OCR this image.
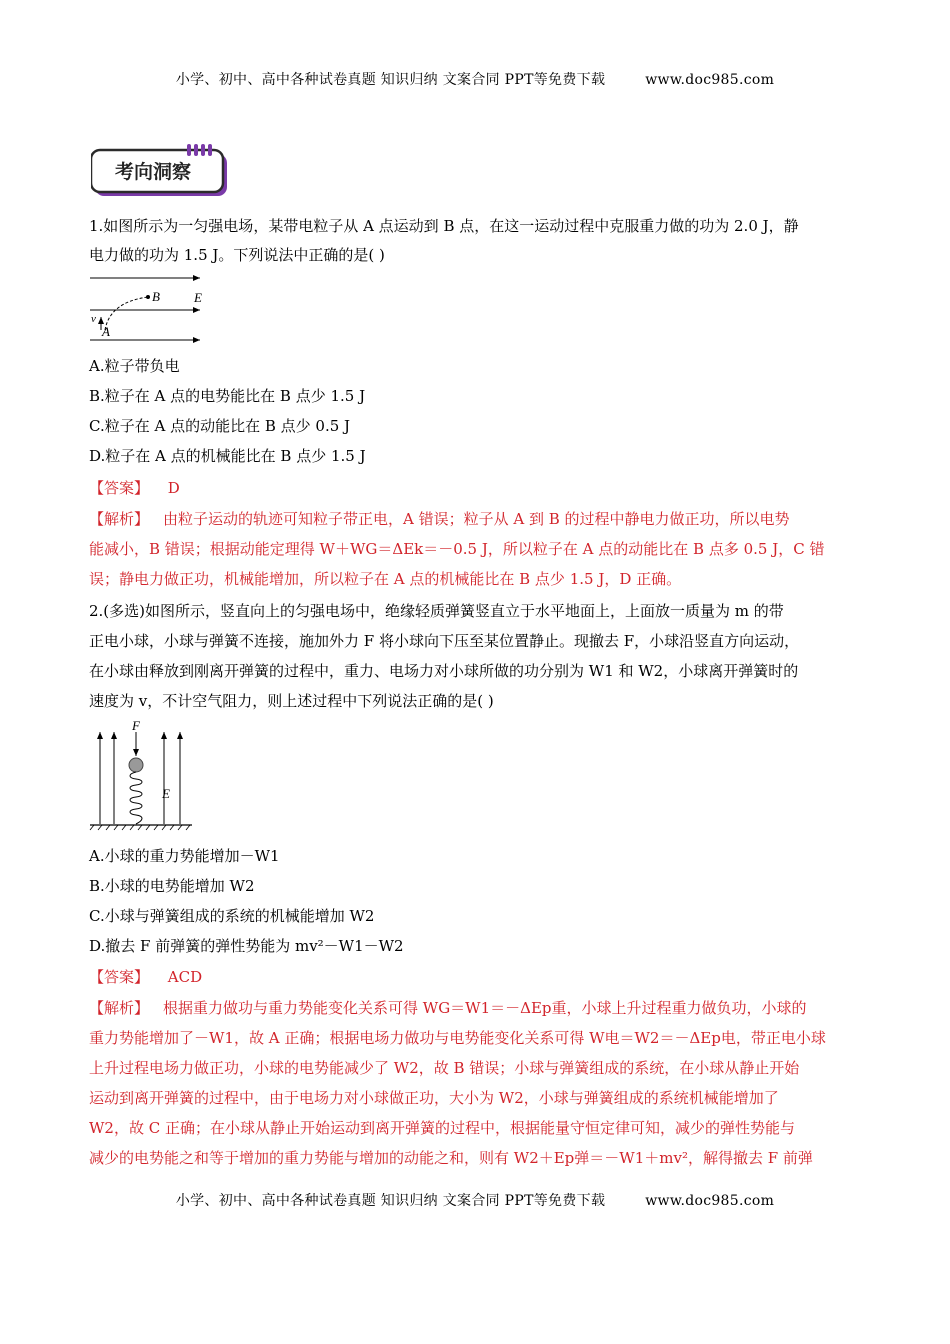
小学、初中、高中各种试卷真题 知识归纳 文案合同 PPT等免费下载	www.doc985.com
考向洞察
1.如图所示为一匀强电场，某带电粒子从 A 点运动到 B 点，在这一运动过程中克服重力做的功为 2.0 J，静
电力做的功为 1.5 J。下列说法中正确的是( )
B	E
v
A
A.粒子带负电
B.粒子在 A 点的电势能比在 B 点少 1.5 J
C.粒子在 A 点的动能比在 B 点少 0.5 J
D.粒子在 A 点的机械能比在 B 点少 1.5 J
【答案】 D
【解析】 由粒子运动的轨迹可知粒子带正电，A 错误；粒子从 A 到 B 的过程中静电力做正功，所以电势
能减小，B 错误；根据动能定理得 W＋WG＝ΔEk＝－0.5 J，所以粒子在 A 点的动能比在 B 点多 0.5 J，C 错
误；静电力做正功，机械能增加，所以粒子在 A 点的机械能比在 B 点少 1.5 J，D 正确。
2.(多选)如图所示，竖直向上的匀强电场中，绝缘轻质弹簧竖直立于水平地面上，上面放一质量为 m 的带
正电小球，小球与弹簧不连接，施加外力 F 将小球向下压至某位置静止。现撤去 F，小球沿竖直方向运动，
在小球由释放到刚离开弹簧的过程中，重力、电场力对小球所做的功分别为 W1 和 W2，小球离开弹簧时的
速度为 v，不计空气阻力，则上述过程中下列说法正确的是( )
F
E
A.小球的重力势能增加－W1
B.小球的电势能增加 W2
C.小球与弹簧组成的系统的机械能增加 W2
D.撤去 F 前弹簧的弹性势能为 mv²－W1－W2
【答案】 ACD
【解析】 根据重力做功与重力势能变化关系可得 WG＝W1＝－ΔEp重，小球上升过程重力做负功，小球的
重力势能增加了－W1，故 A 正确；根据电场力做功与电势能变化关系可得 W电＝W2＝－ΔEp电，带正电小球
上升过程电场力做正功，小球的电势能减少了 W2，故 B 错误；小球与弹簧组成的系统，在小球从静止开始
运动到离开弹簧的过程中，由于电场力对小球做正功，大小为 W2，小球与弹簧组成的系统机械能增加了
W2，故 C 正确；在小球从静止开始运动到离开弹簧的过程中，根据能量守恒定律可知，减少的弹性势能与
减少的电势能之和等于增加的重力势能与增加的动能之和，则有 W2＋Ep弹＝－W1＋mv²，解得撤去 F 前弹
小学、初中、高中各种试卷真题 知识归纳 文案合同 PPT等免费下载	www.doc985.com
